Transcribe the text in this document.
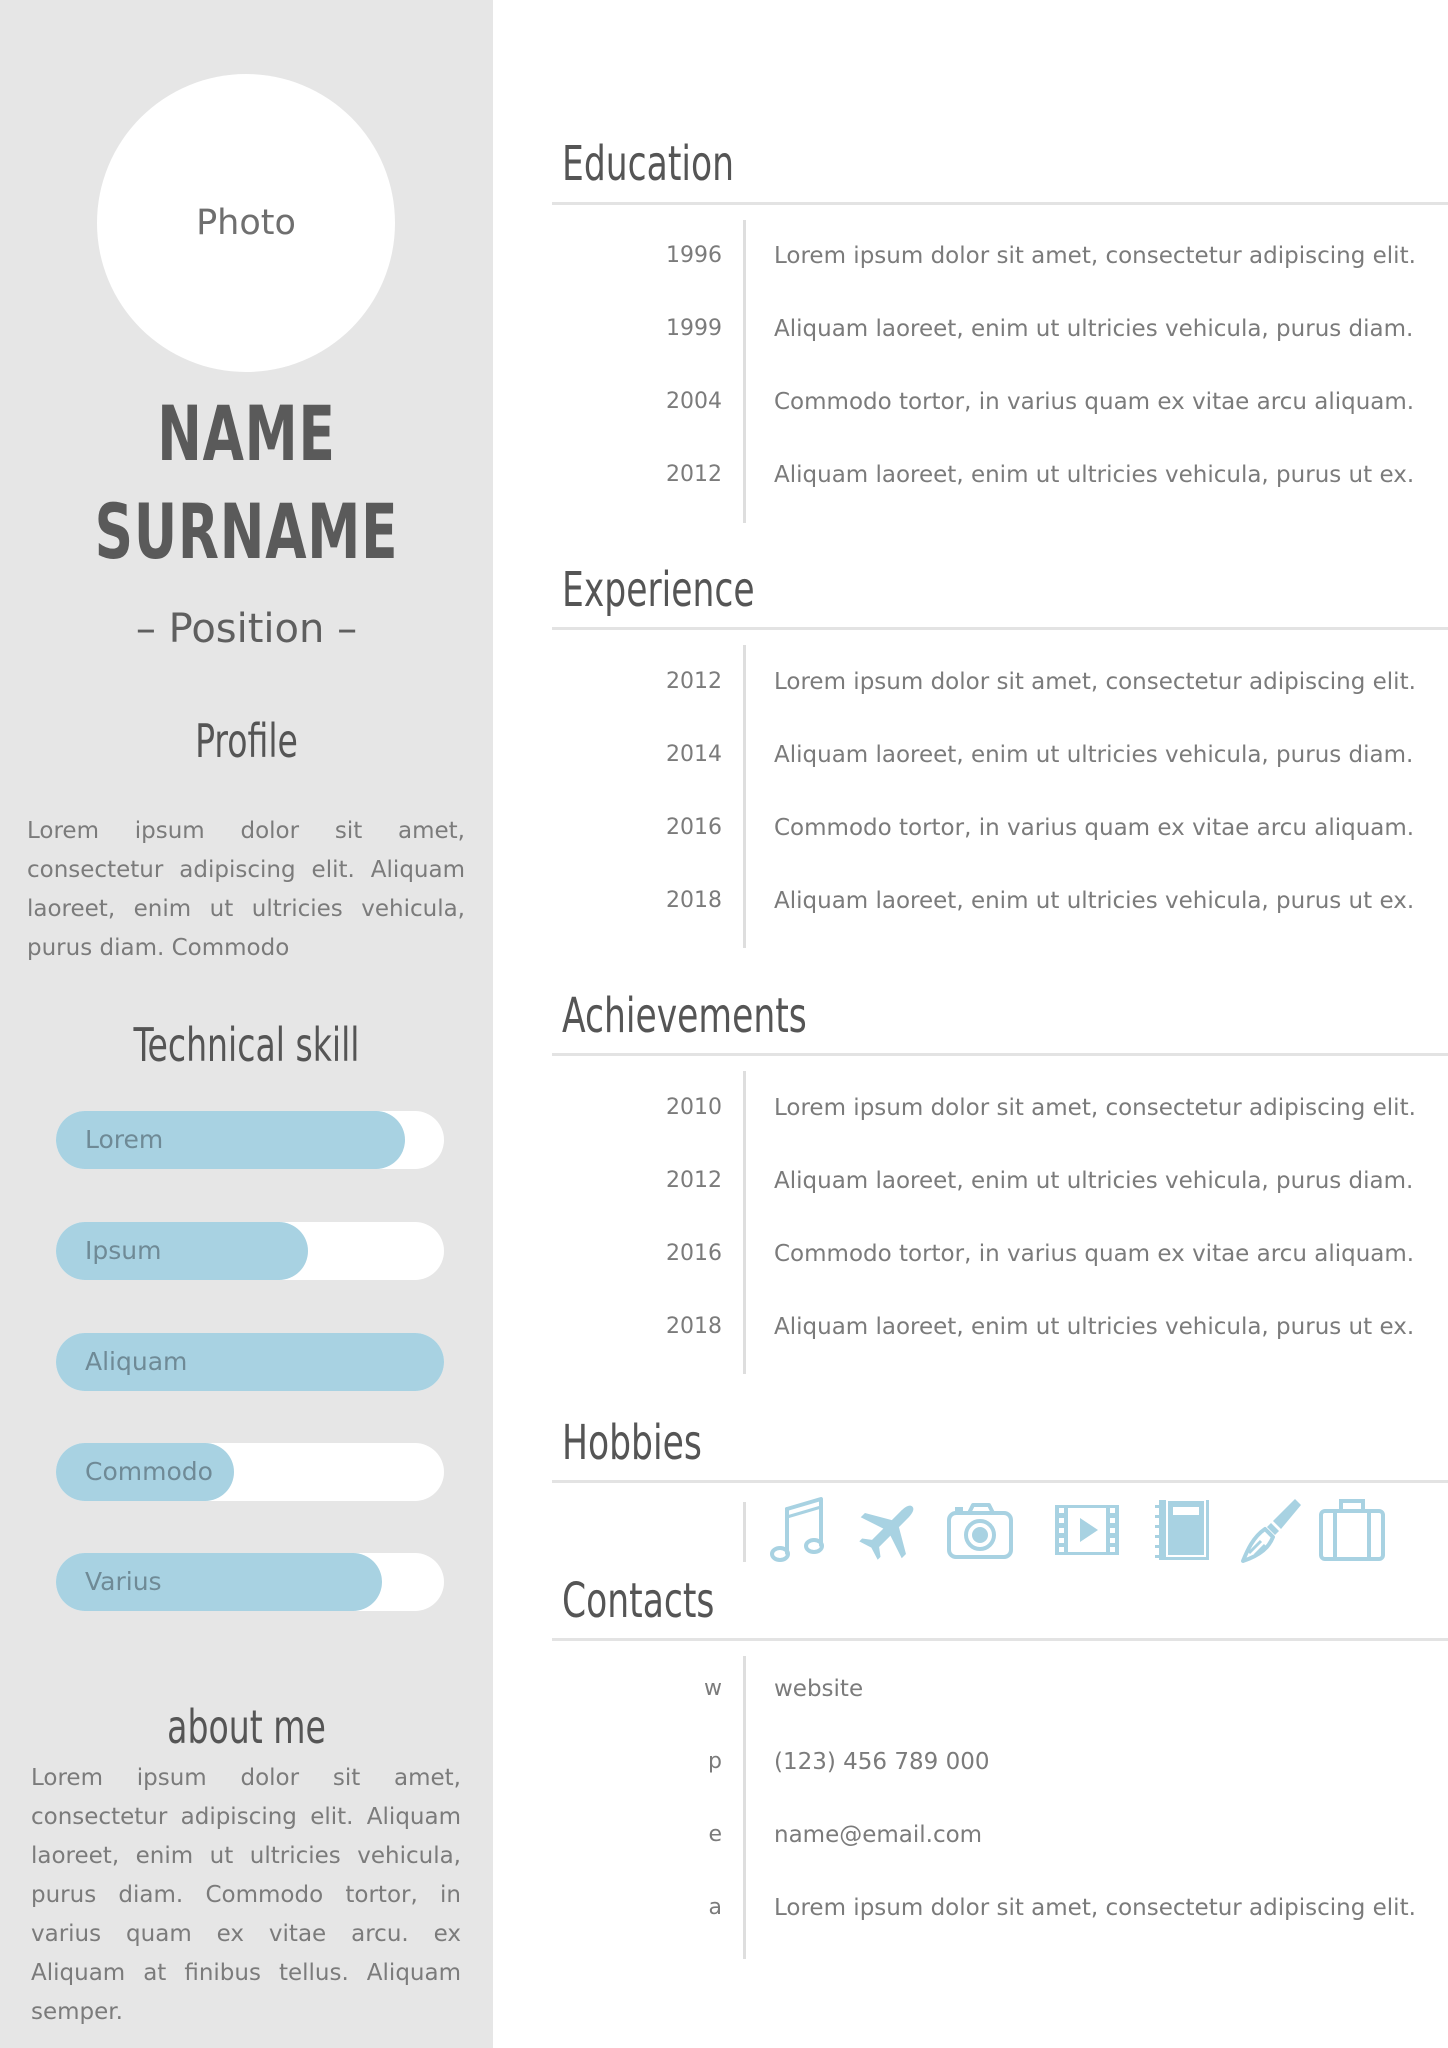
Photo
NAME
SURNAME
– Position –
Profile
Lorem ipsum dolor sit amet, consectetur adipiscing elit. Aliquam laoreet, enim ut ultricies vehicula, purus diam. Commodo
Technical skill
Lorem
Ipsum
Aliquam
Commodo
Varius
about me
Lorem ipsum dolor sit amet, consectetur adipiscing elit. Aliquam laoreet, enim ut ultricies vehicula, purus diam. Commodo tortor, in varius quam ex vitae arcu. ex Aliquam at finibus tellus. Aliquam semper.
Education
1996 Lorem ipsum dolor sit amet, consectetur adipiscing elit.
1999 Aliquam laoreet, enim ut ultricies vehicula, purus diam.
2004 Commodo tortor, in varius quam ex vitae arcu aliquam.
2012 Aliquam laoreet, enim ut ultricies vehicula, purus ut ex.
Experience
2012 Lorem ipsum dolor sit amet, consectetur adipiscing elit.
2014 Aliquam laoreet, enim ut ultricies vehicula, purus diam.
2016 Commodo tortor, in varius quam ex vitae arcu aliquam.
2018 Aliquam laoreet, enim ut ultricies vehicula, purus ut ex.
Achievements
2010 Lorem ipsum dolor sit amet, consectetur adipiscing elit.
2012 Aliquam laoreet, enim ut ultricies vehicula, purus diam.
2016 Commodo tortor, in varius quam ex vitae arcu aliquam.
2018 Aliquam laoreet, enim ut ultricies vehicula, purus ut ex.
Hobbies
Contacts
w website
p (123) 456 789 000
e name@email.com
a Lorem ipsum dolor sit amet, consectetur adipiscing elit.
